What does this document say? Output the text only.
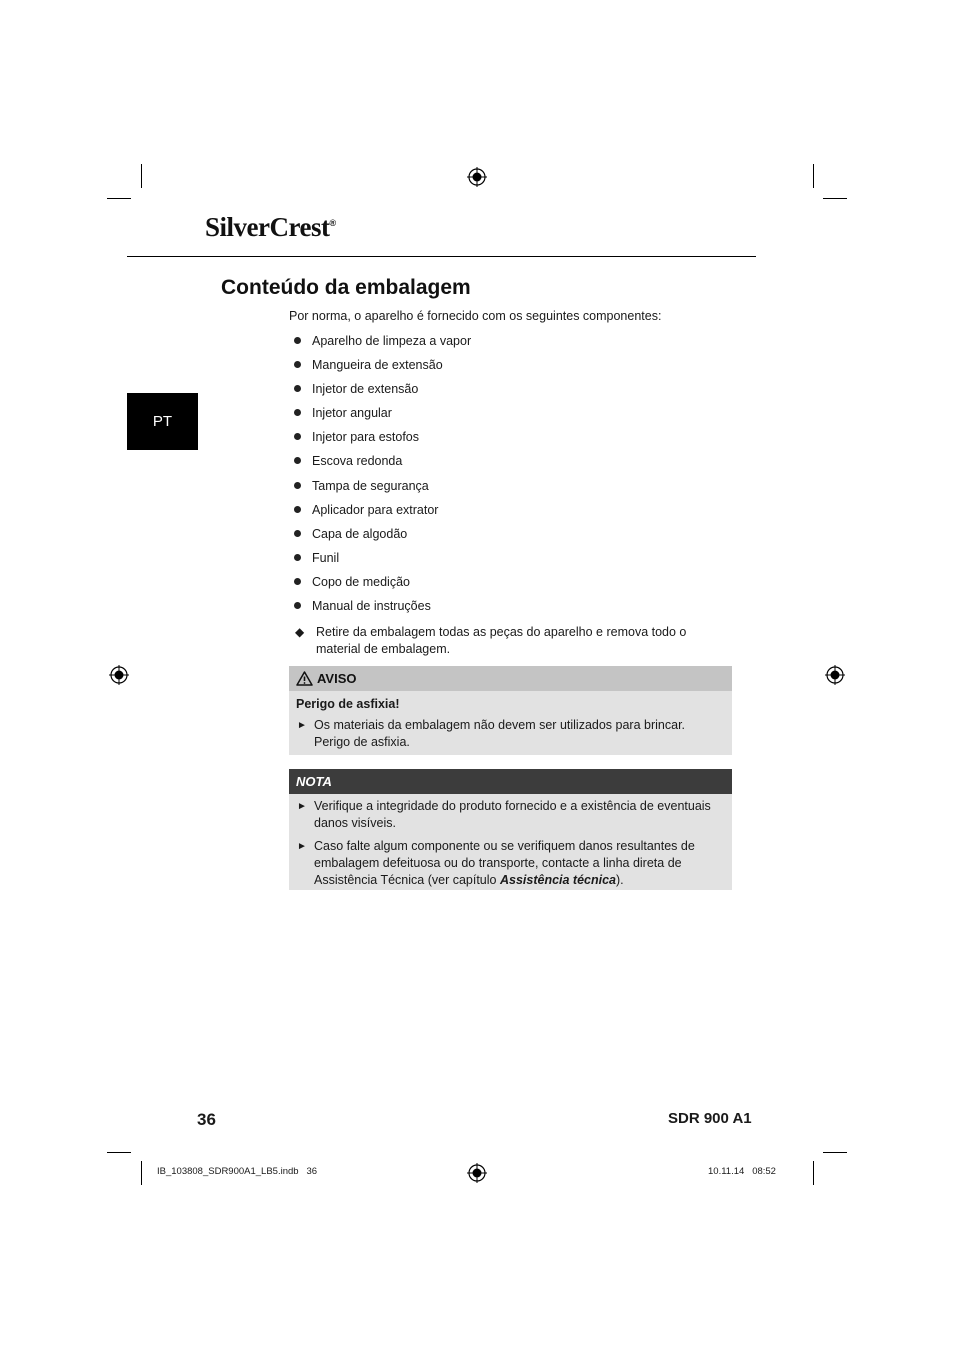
SilverCrest®
PT
Conteúdo da embalagem
Por norma, o aparelho é fornecido com os seguintes componentes:
Aparelho de limpeza a vapor
Mangueira de extensão
Injetor de extensão
Injetor angular
Injetor para estofos
Escova redonda
Tampa de segurança
Aplicador para extrator
Capa de algodão
Funil
Copo de medição
Manual de instruções
◆ Retire da embalagem todas as peças do aparelho e remova todo o material de embalagem.
AVISO
Perigo de asfixia!
► Os materiais da embalagem não devem ser utilizados para brincar. Perigo de asfixia.
NOTA
► Verifique a integridade do produto fornecido e a existência de eventuais danos visíveis.
► Caso falte algum componente ou se verifiquem danos resultantes de embalagem defeituosa ou do transporte, contacte a linha direta de Assistência Técnica (ver capítulo Assistência técnica).
36	SDR 900 A1
IB_103808_SDR900A1_LB5.indb   36	10.11.14   08:52
